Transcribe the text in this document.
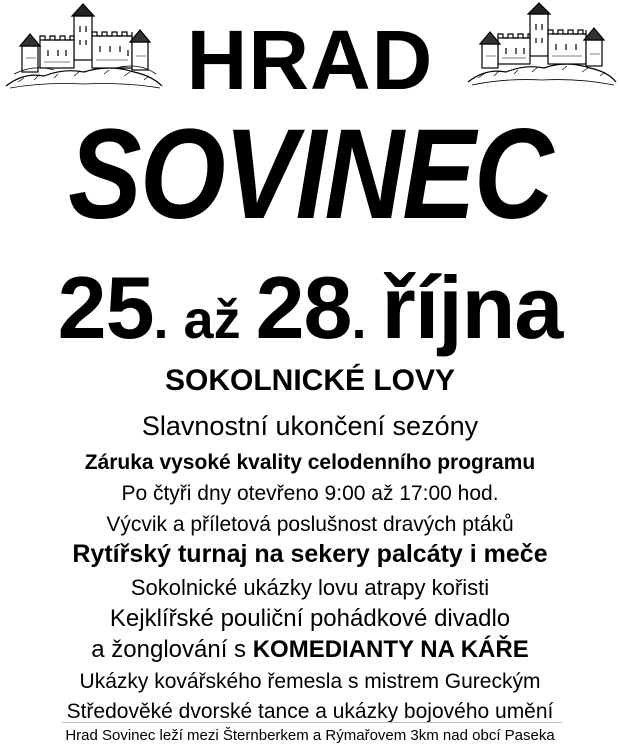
HRAD
SOVINEC
25. až 28. října
SOKOLNICKÉ LOVY
Slavnostní ukončení sezóny
Záruka vysoké kvality celodenního programu
Po čtyři dny otevřeno 9:00 až 17:00 hod.
Výcvik a příletová poslušnost dravých ptáků
Rytířský turnaj na sekery palcáty i meče
Sokolnické ukázky lovu atrapy kořisti
Kejklířské pouliční pohádkové divadlo
a žonglování s KOMEDIANTY NA KÁŘE
Ukázky kovářského řemesla s mistrem Gureckým
Středověké dvorské tance a ukázky bojového umění
Hrad Sovinec leží mezi Šternberkem a Rýmařovem 3km nad obcí Paseka
